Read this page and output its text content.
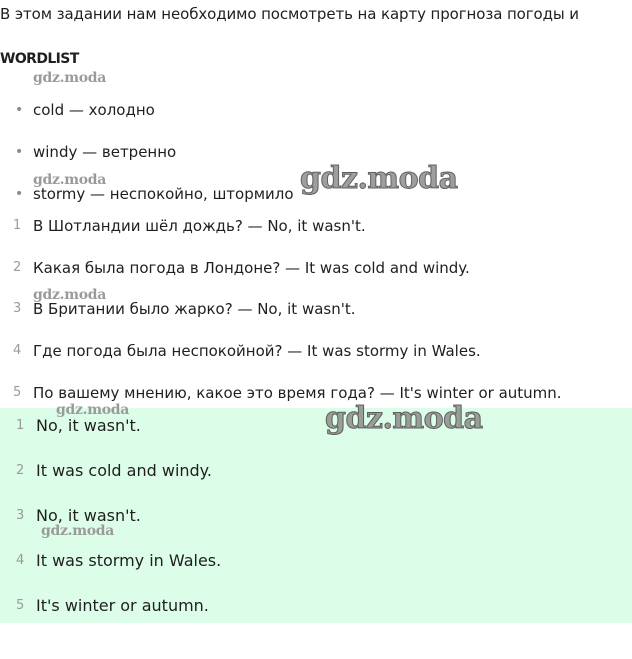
В этом задании нам необходимо посмотреть на карту прогноза погоды и
WORDLIST
gdz.moda
• cold — холодно
• windy — ветренно
gdz.moda
• stormy — неспокойно, штормило gdz.moda
1 В Шотландии шёл дождь? — No, it wasn't.
2 Какая была погода в Лондоне? — It was cold and windy.
gdz.moda
3 В Британии было жарко? — No, it wasn't.
4 Где погода была неспокойной? — It was stormy in Wales.
5 По вашему мнению, какое это время года? — It's winter or autumn.
gdz.moda	gdz.moda
1 No, it wasn't.
2 It was cold and windy.
3 No, it wasn't.
gdz.moda
4 It was stormy in Wales.
5 It's winter or autumn.
